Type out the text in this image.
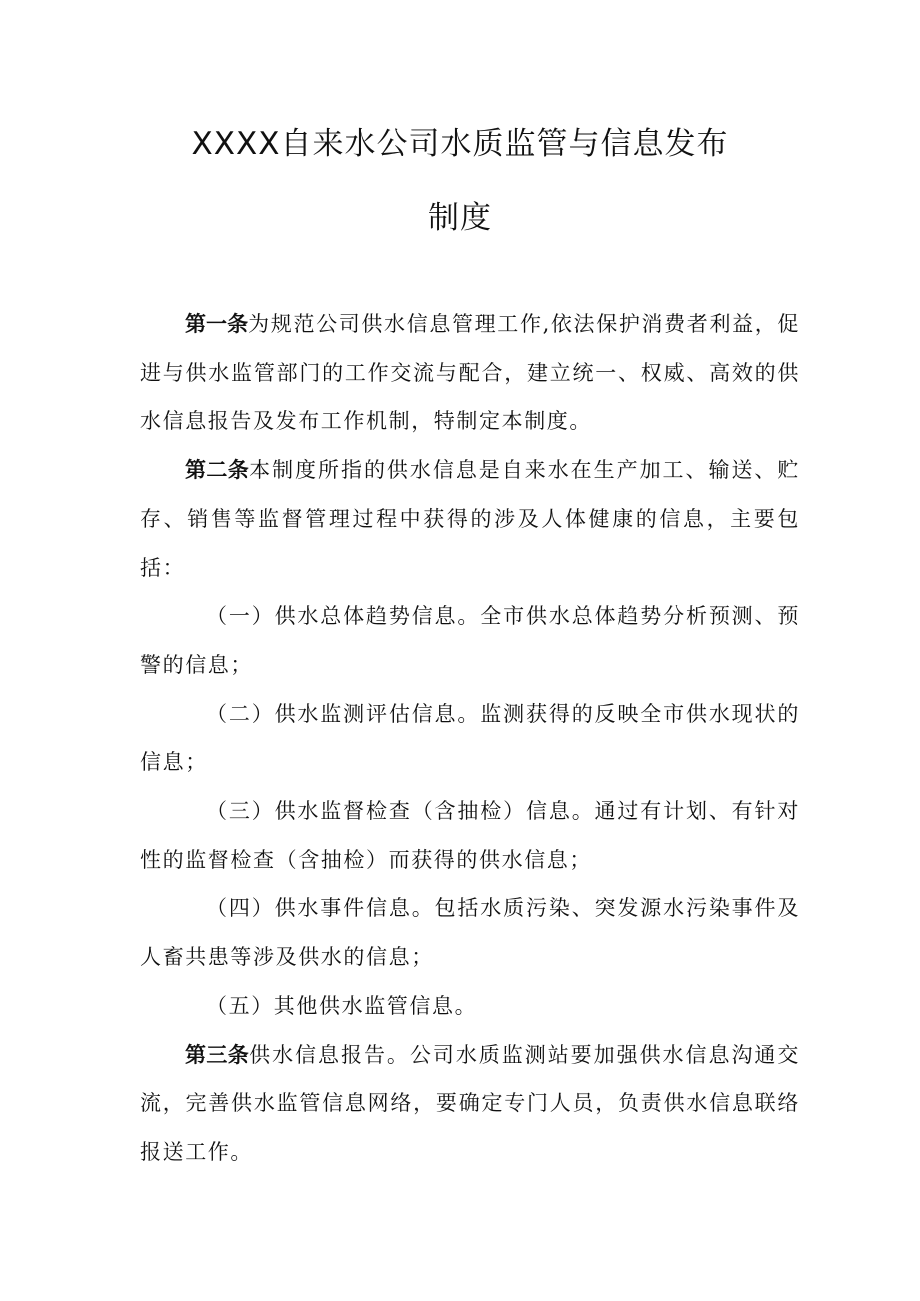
XXXX自来水公司水质监管与信息发布
制度

第一条为规范公司供水信息管理工作,依法保护消费者利益，促进与供水监管部门的工作交流与配合，建立统一、权威、高效的供水信息报告及发布工作机制，特制定本制度。

第二条本制度所指的供水信息是自来水在生产加工、输送、贮存、销售等监督管理过程中获得的涉及人体健康的信息，主要包括：

（一）供水总体趋势信息。全市供水总体趋势分析预测、预警的信息；

（二）供水监测评估信息。监测获得的反映全市供水现状的信息；

（三）供水监督检查（含抽检）信息。通过有计划、有针对性的监督检查（含抽检）而获得的供水信息；

（四）供水事件信息。包括水质污染、突发源水污染事件及人畜共患等涉及供水的信息；

（五）其他供水监管信息。

第三条供水信息报告。公司水质监测站要加强供水信息沟通交流，完善供水监管信息网络，要确定专门人员，负责供水信息联络报送工作。
